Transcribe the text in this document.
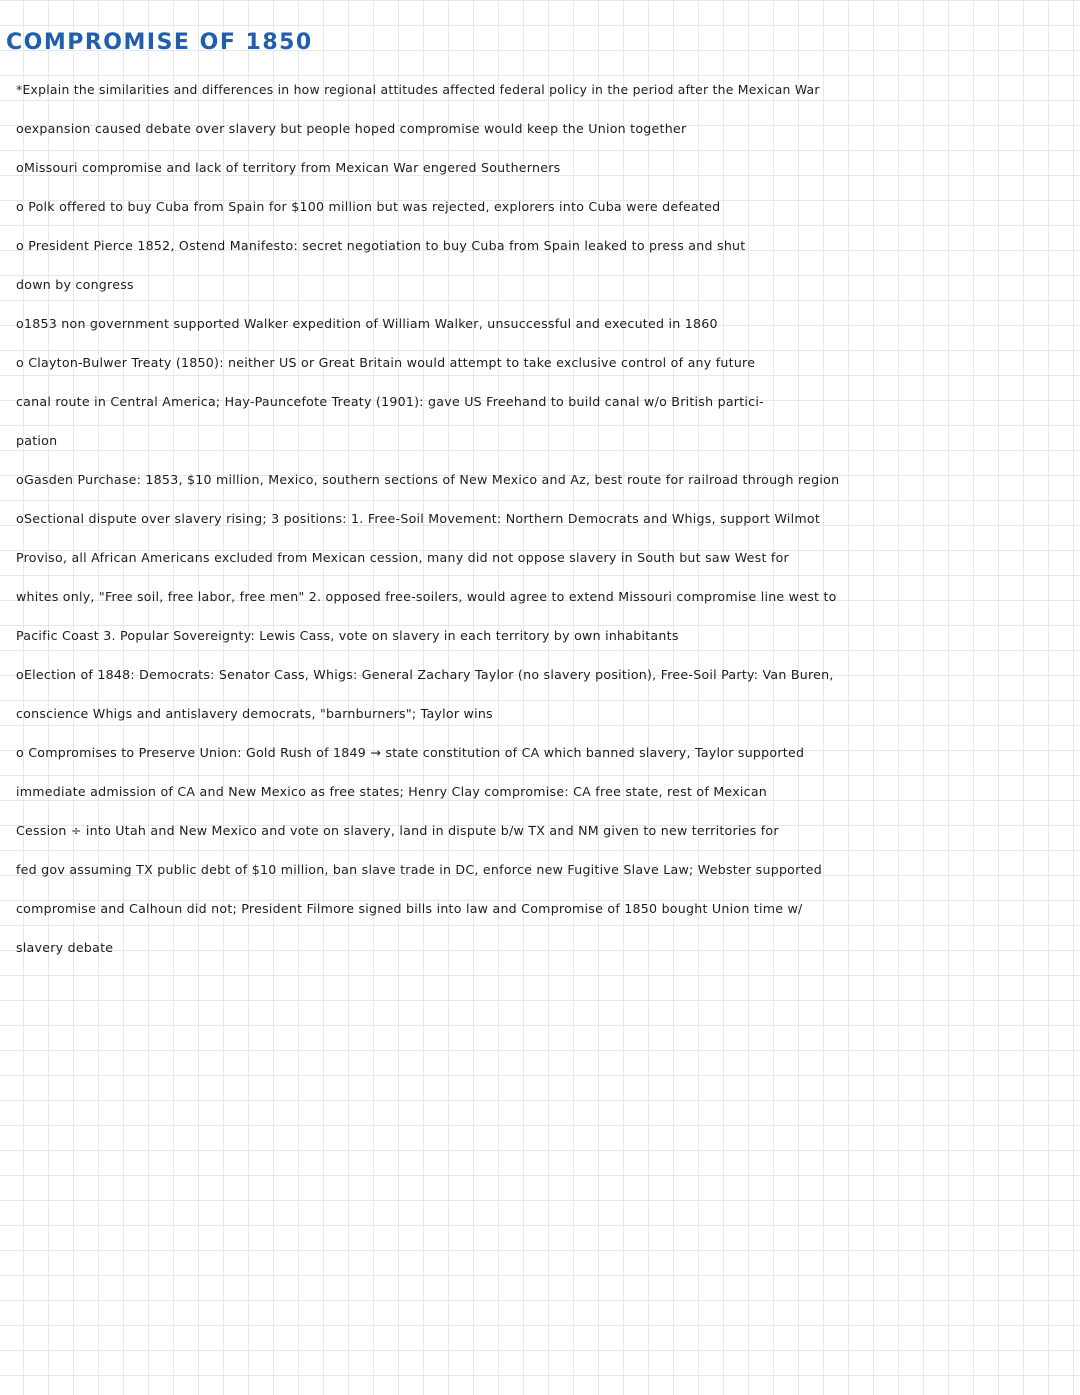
COMPROMISE OF 1850
*Explain the similarities and differences in how regional attitudes affected federal policy in the period after the Mexican War
oexpansion caused debate over slavery but people hoped compromise would keep the Union together
oMissouri compromise and lack of territory from Mexican War engered Southerners
o Polk offered to buy Cuba from Spain for $100 million but was rejected, explorers into Cuba were defeated
o President Pierce 1852, Ostend Manifesto: secret negotiation to buy Cuba from Spain leaked to press and shut
down by congress
o1853 non government supported Walker expedition of William Walker, unsuccessful and executed in 1860
o Clayton-Bulwer Treaty (1850): neither US or Great Britain would attempt to take exclusive control of any future
canal route in Central America; Hay-Pauncefote Treaty (1901): gave US Freehand to build canal w/o British partici-
pation
oGasden Purchase: 1853, $10 million, Mexico, southern sections of New Mexico and Az, best route for railroad through region
oSectional dispute over slavery rising; 3 positions: 1. Free-Soil Movement: Northern Democrats and Whigs, support Wilmot
Proviso, all African Americans excluded from Mexican cession, many did not oppose slavery in South but saw West for
whites only, "Free soil, free labor, free men" 2. opposed free-soilers, would agree to extend Missouri compromise line west to
Pacific Coast 3. Popular Sovereignty: Lewis Cass, vote on slavery in each territory by own inhabitants
oElection of 1848: Democrats: Senator Cass, Whigs: General Zachary Taylor (no slavery position), Free-Soil Party: Van Buren,
conscience Whigs and antislavery democrats, "barnburners"; Taylor wins
o Compromises to Preserve Union: Gold Rush of 1849 → state constitution of CA which banned slavery, Taylor supported
immediate admission of CA and New Mexico as free states; Henry Clay compromise: CA free state, rest of Mexican
Cession ÷ into Utah and New Mexico and vote on slavery, land in dispute b/w TX and NM given to new territories for
fed gov assuming TX public debt of $10 million, ban slave trade in DC, enforce new Fugitive Slave Law; Webster supported
compromise and Calhoun did not; President Filmore signed bills into law and Compromise of 1850 bought Union time w/
slavery debate
